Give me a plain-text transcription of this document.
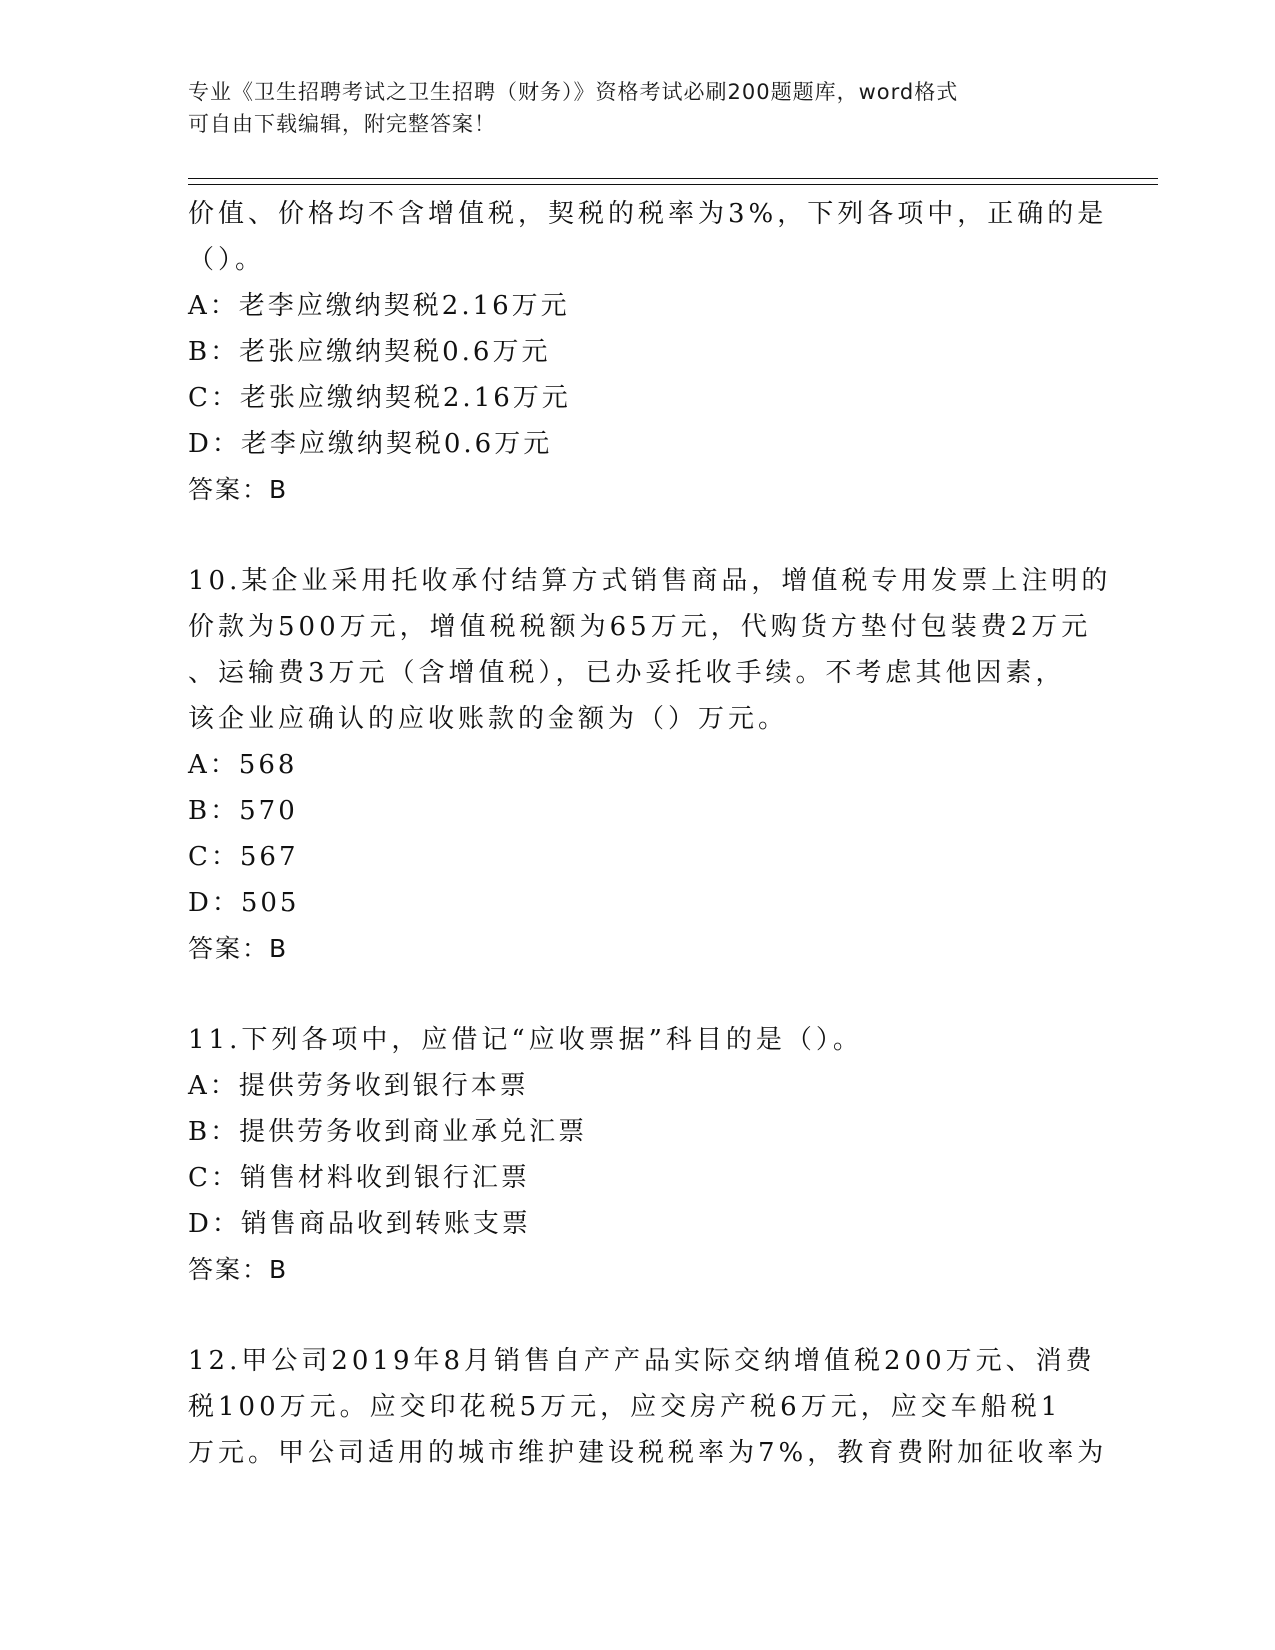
专业《卫生招聘考试之卫生招聘（财务）》资格考试必刷200题题库，word格式
可自由下载编辑，附完整答案！
价值、价格均不含增值税，契税的税率为3%，下列各项中，正确的是
（）。
A：老李应缴纳契税2.16万元
B：老张应缴纳契税0.6万元
C：老张应缴纳契税2.16万元
D：老李应缴纳契税0.6万元
答案：B
10.某企业采用托收承付结算方式销售商品，增值税专用发票上注明的
价款为500万元，增值税税额为65万元，代购货方垫付包装费2万元
、运输费3万元（含增值税），已办妥托收手续。不考虑其他因素，
该企业应确认的应收账款的金额为（）万元。
A：568
B：570
C：567
D：505
答案：B
11.下列各项中，应借记“应收票据”科目的是（）。
A：提供劳务收到银行本票
B：提供劳务收到商业承兑汇票
C：销售材料收到银行汇票
D：销售商品收到转账支票
答案：B
12.甲公司2019年8月销售自产产品实际交纳增值税200万元、消费
税100万元。应交印花税5万元，应交房产税6万元，应交车船税1
万元。甲公司适用的城市维护建设税税率为7%，教育费附加征收率为
